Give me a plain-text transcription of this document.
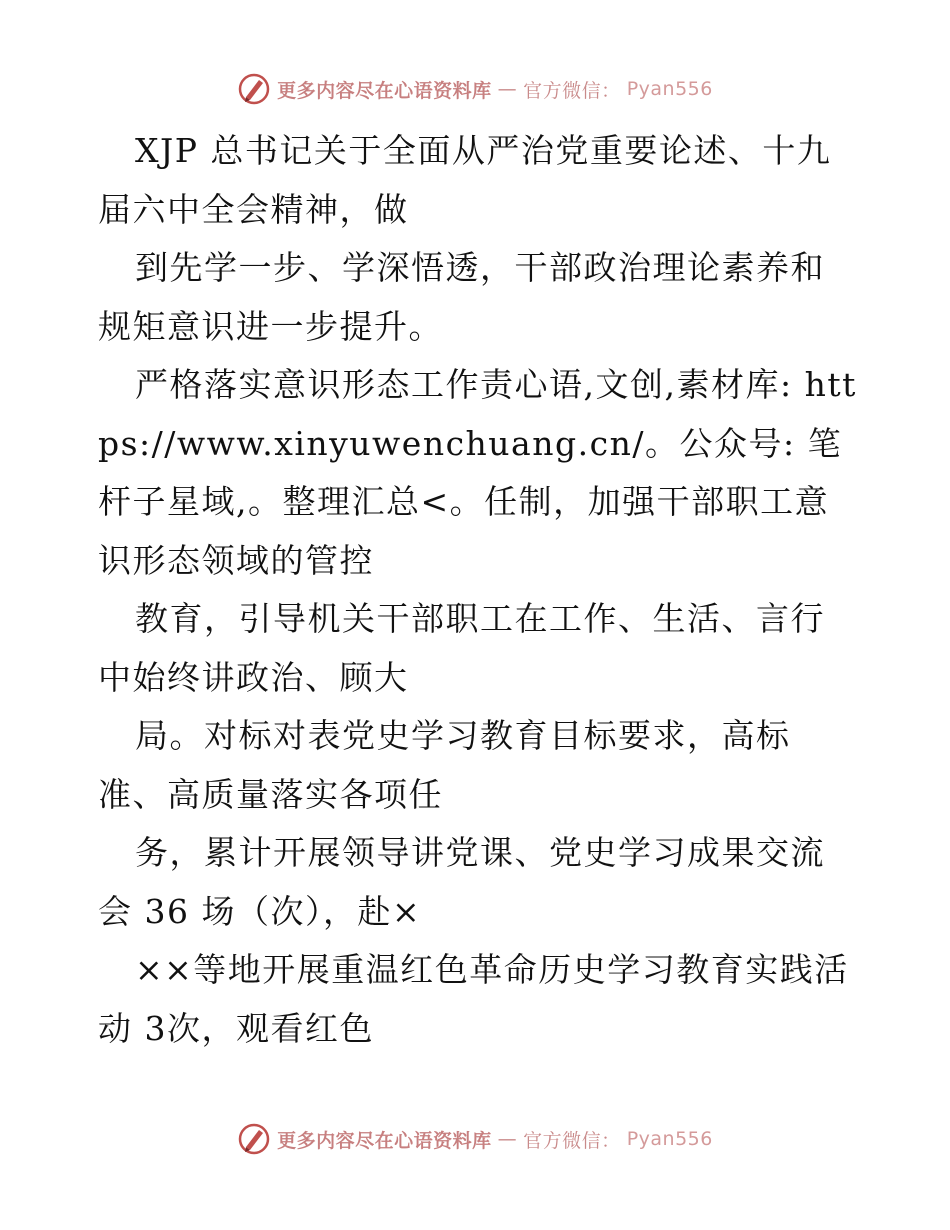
更多内容尽在心语资料库 — 官方微信： Pyan556

XJP 总书记关于全面从严治党重要论述、十九届六中全会精神，做

到先学一步、学深悟透，干部政治理论素养和规矩意识进一步提升。

严格落实意识形态工作责心语,文创,素材库: https://www.xinyuwenchuang.cn/。公众号: 笔杆子星域,。整理汇总<。任制，加强干部职工意识形态领域的管控

教育，引导机关干部职工在工作、生活、言行中始终讲政治、顾大

局。对标对表党史学习教育目标要求，高标准、高质量落实各项任

务，累计开展领导讲党课、党史学习成果交流会 36 场（次），赴×

××等地开展重温红色革命历史学习教育实践活动 3次，观看红色

更多内容尽在心语资料库 — 官方微信： Pyan556
